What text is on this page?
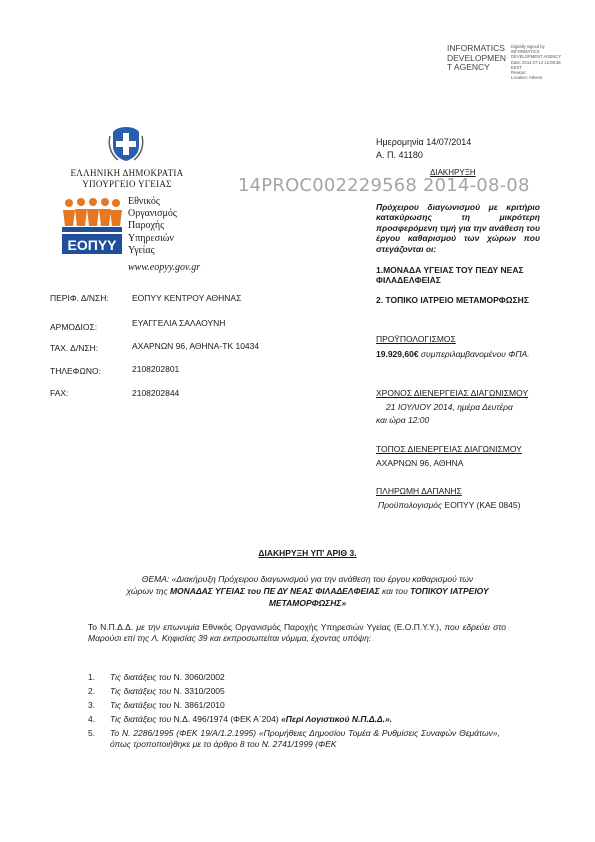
INFORMATICS DEVELOPMEN T AGENCY
Digitally signed by
INFORMATICS
DEVELOPMENT AGENCY
Date: 2014.07.14 12:08:48
EEST
Reason:
Location: Athens
ΕΛΛΗΝΙΚΗ ΔΗΜΟΚΡΑΤΙΑ
ΥΠΟΥΡΓΕΙΟ ΥΓΕΙΑΣ
ΕΟΠΥΥ
Εθνικός
Οργανισμός
Παροχής
Υπηρεσιών
Υγείας
www.eopyy.gov.gr
14PROC002229568 2014-08-08
Ημερομηνία 14/07/2014
Α. Π. 41180
ΠΕΡΙΦ. Δ/ΝΣΗ:	ΕΟΠΥΥ ΚΕΝΤΡΟΥ ΑΘΗΝΑΣ
ΑΡΜΟΔΙΟΣ:	ΕΥΑΓΓΕΛΙΑ ΣΑΛΑΟΥΝΗ
ΤΑΧ. Δ/ΝΣΗ:	ΑΧΑΡΝΩΝ 96, ΑΘΗΝΑ-ΤΚ 10434
ΤΗΛΕΦΩΝΟ:	2108202801
FAX:	2108202844
ΔΙΑΚΗΡΥΞΗ
Πρόχειρου διαγωνισμού με κριτήριο κατακύρωσης τη μικρότερη προσφερόμενη τιμή για την ανάθεση του έργου καθαρισμού των χώρων που στεγάζονται οι:
1.ΜΟΝΑΔΑ ΥΓΕΙΑΣ ΤΟΥ ΠΕΔΥ ΝΕΑΣ ΦΙΛΑΔΕΛΦΕΙΑΣ
2. ΤΟΠΙΚΟ ΙΑΤΡΕΙΟ ΜΕΤΑΜΟΡΦΩΣΗΣ
ΠΡΟΫΠΟΛΟΓΙΣΜΟΣ
19.929,60€ συμπεριλαμβανομένου ΦΠΑ.
ΧΡΟΝΟΣ ΔΙΕΝΕΡΓΕΙΑΣ ΔΙΑΓΩΝΙΣΜΟΥ
21 ΙΟΥΛΙΟΥ 2014, ημέρα Δευτέρα
και ώρα 12:00
ΤΟΠΟΣ ΔΙΕΝΕΡΓΕΙΑΣ ΔΙΑΓΩΝΙΣΜΟΥ
ΑΧΑΡΝΩΝ 96, ΑΘΗΝΑ
ΠΛΗΡΩΜΗ ΔΑΠΑΝΗΣ
Προϋπολογισμός ΕΟΠΥΥ (ΚΑΕ 0845)
ΔΙΑΚΗΡΥΞΗ ΥΠ' ΑΡΙΘ 3.
ΘΕΜΑ: «Διακήρυξη Πρόχειρου διαγωνισμού για την ανάθεση του έργου καθαρισμού των
χώρων της ΜΟΝΑΔΑΣ ΥΓΕΙΑΣ του ΠΕ ΔΥ ΝΕΑΣ ΦΙΛΑΔΕΛΦΕΙΑΣ και του ΤΟΠΙΚΟΥ ΙΑΤΡΕΙΟΥ
ΜΕΤΑΜΟΡΦΩΣΗΣ»
Το Ν.Π.Δ.Δ. με την επωνυμία Εθνικός Οργανισμός Παροχής Υπηρεσιών Υγείας (Ε.Ο.Π.Υ.Υ.), που εδρεύει στο Μαρούσι επί της Λ. Κηφισίας 39 και εκπροσωπείται νόμιμα, έχοντας υπόψη:
1. Τις διατάξεις του Ν. 3060/2002
2. Τις διατάξεις του Ν. 3310/2005
3. Τις διατάξεις του Ν. 3861/2010
4. Τις διατάξεις του Ν.Δ. 496/1974 (ΦΕΚ Α΄204) «Περί Λογιστικού Ν.Π.Δ.Δ.».
5. Το Ν. 2286/1995 (ΦΕΚ 19/Α/1.2.1995) «Προμήθειες Δημοσίου Τομέα & Ρυθμίσεις Συναφών Θεμάτων», όπως τροποποιήθηκε με το άρθρο 8 του Ν. 2741/1999 (ΦΕΚ
